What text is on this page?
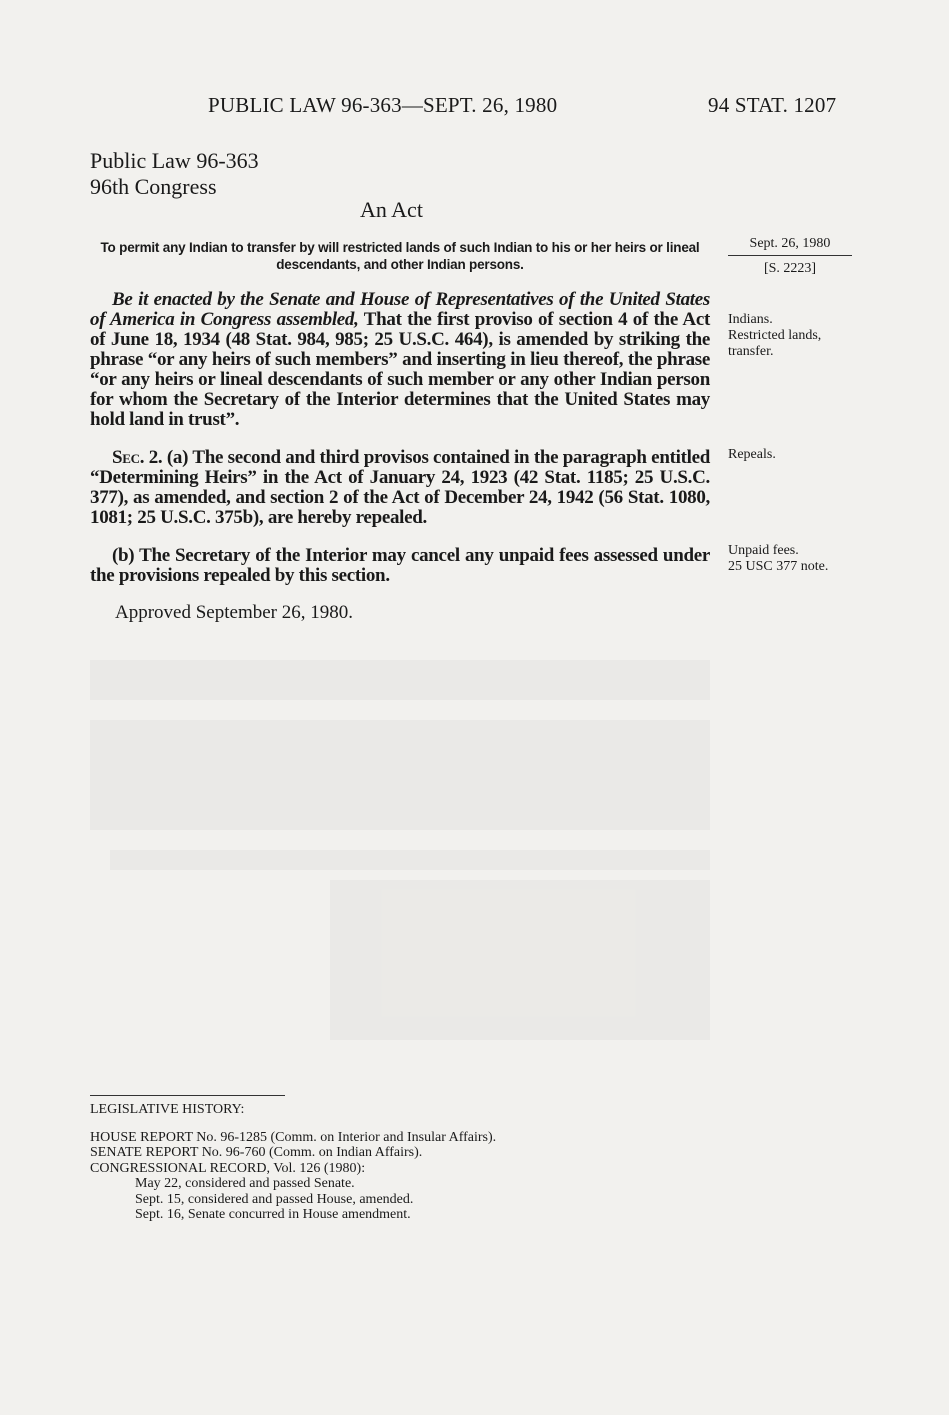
PUBLIC LAW 96-363—SEPT. 26, 1980	94 STAT. 1207
Public Law 96-363
96th Congress
An Act
To permit any Indian to transfer by will restricted lands of such Indian to his or her heirs or lineal descendants, and other Indian persons.
Sept. 26, 1980
[S. 2223]
Be it enacted by the Senate and House of Representatives of the United States of America in Congress assembled, That the first proviso of section 4 of the Act of June 18, 1934 (48 Stat. 984, 985; 25 U.S.C. 464), is amended by striking the phrase “or any heirs of such members” and inserting in lieu thereof, the phrase “or any heirs or lineal descendants of such member or any other Indian person for whom the Secretary of the Interior determines that the United States may hold land in trust”.
Sec. 2. (a) The second and third provisos contained in the paragraph entitled “Determining Heirs” in the Act of January 24, 1923 (42 Stat. 1185; 25 U.S.C. 377), as amended, and section 2 of the Act of December 24, 1942 (56 Stat. 1080, 1081; 25 U.S.C. 375b), are hereby repealed.
(b) The Secretary of the Interior may cancel any unpaid fees assessed under the provisions repealed by this section.
Indians.
Restricted lands,
transfer.
Repeals.
Unpaid fees.
25 USC 377 note.
Approved September 26, 1980.
LEGISLATIVE HISTORY:
HOUSE REPORT No. 96-1285 (Comm. on Interior and Insular Affairs).
SENATE REPORT No. 96-760 (Comm. on Indian Affairs).
CONGRESSIONAL RECORD, Vol. 126 (1980):
May 22, considered and passed Senate.
Sept. 15, considered and passed House, amended.
Sept. 16, Senate concurred in House amendment.
